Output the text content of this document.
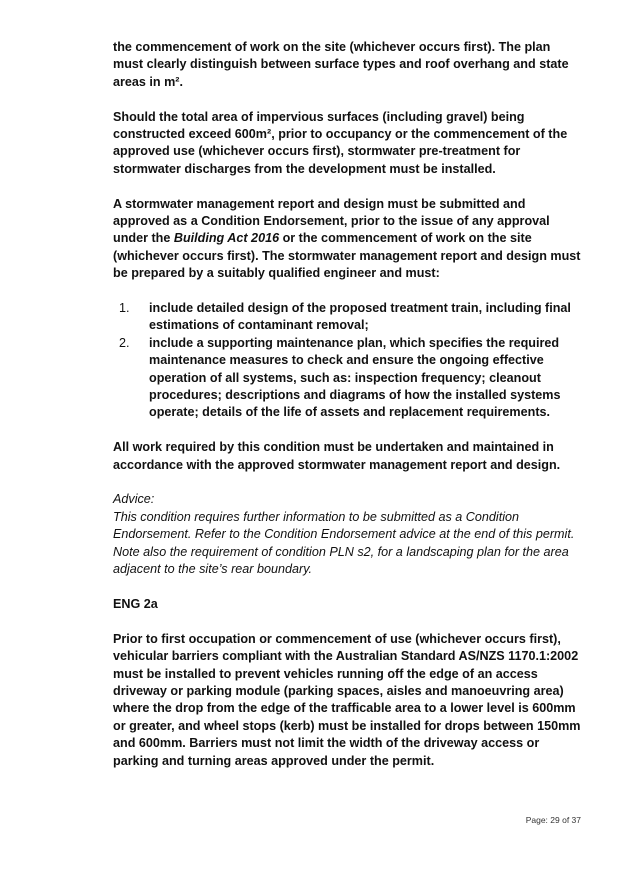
the commencement of work on the site (whichever occurs first). The plan must clearly distinguish between surface types and roof overhang and state areas in m².

Should the total area of impervious surfaces (including gravel) being constructed exceed 600m², prior to occupancy or the commencement of the approved use (whichever occurs first), stormwater pre-treatment for stormwater discharges from the development must be installed.

A stormwater management report and design must be submitted and approved as a Condition Endorsement, prior to the issue of any approval under the Building Act 2016 or the commencement of work on the site (whichever occurs first). The stormwater management report and design must be prepared by a suitably qualified engineer and must:

1. include detailed design of the proposed treatment train, including final estimations of contaminant removal;
2. include a supporting maintenance plan, which specifies the required maintenance measures to check and ensure the ongoing effective operation of all systems, such as: inspection frequency; cleanout procedures; descriptions and diagrams of how the installed systems operate; details of the life of assets and replacement requirements.

All work required by this condition must be undertaken and maintained in accordance with the approved stormwater management report and design.

Advice:

This condition requires further information to be submitted as a Condition Endorsement. Refer to the Condition Endorsement advice at the end of this permit. Note also the requirement of condition PLN s2, for a landscaping plan for the area adjacent to the site’s rear boundary.

ENG 2a

Prior to first occupation or commencement of use (whichever occurs first), vehicular barriers compliant with the Australian Standard AS/NZS 1170.1:2002 must be installed to prevent vehicles running off the edge of an access driveway or parking module (parking spaces, aisles and manoeuvring area) where the drop from the edge of the trafficable area to a lower level is 600mm or greater, and wheel stops (kerb) must be installed for drops between 150mm and 600mm. Barriers must not limit the width of the driveway access or parking and turning areas approved under the permit.

Page: 29 of 37
